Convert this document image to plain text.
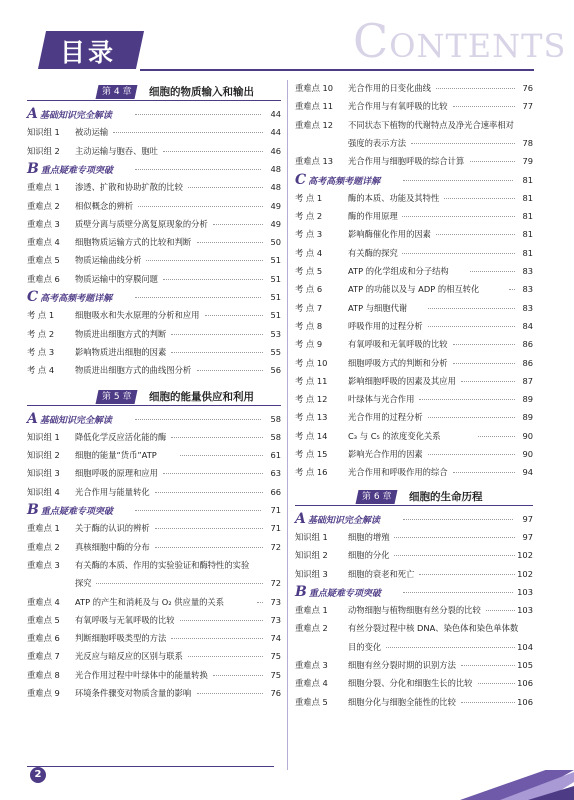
目录	CONTENTS
第 4 章	细胞的物质输入和输出
A基础知识完全解读	44
知识组 1 被动运输	44
知识组 2 主动运输与胞吞、胞吐	46
B重点疑难专项突破	48
重难点 1 渗透、扩散和协助扩散的比较	48
重难点 2 相似概念的辨析	49
重难点 3 质壁分离与质壁分离复原现象的分析	49
重难点 4 细胞物质运输方式的比较和判断	50
重难点 5 物质运输曲线分析	51
重难点 6 物质运输中的穿膜问题	51
C高考高频考题详解	51
考 点 1	细胞吸水和失水原理的分析和应用	51
考 点 2	物质进出细胞方式的判断	53
考 点 3	影响物质进出细胞的因素	55
考 点 4	物质进出细胞方式的曲线图分析	56
第 5 章	细胞的能量供应和利用
A基础知识完全解读	58
知识组 1 降低化学反应活化能的酶	58
知识组 2 细胞的能量“货币”ATP	61
知识组 3 细胞呼吸的原理和应用	63
知识组 4 光合作用与能量转化	66
B重点疑难专项突破	71
重难点 1 关于酶的认识的辨析	71
重难点 2 真核细胞中酶的分布	72
重难点 3 有关酶的本质、作用的实验验证和酶特性的实验
探究	72
重难点 4 ATP 的产生和消耗及与 O₂ 供应量的关系	73
重难点 5 有氧呼吸与无氧呼吸的比较	73
重难点 6 判断细胞呼吸类型的方法	74
重难点 7 光反应与暗反应的区别与联系	75
重难点 8 光合作用过程中叶绿体中的能量转换	75
重难点 9 环境条件骤变对物质含量的影响	76
重难点 10 光合作用的日变化曲线	76
重难点 11 光合作用与有氧呼吸的比较	77
重难点 12 不同状态下植物的代谢特点及净光合速率相对
强度的表示方法	78
重难点 13 光合作用与细胞呼吸的综合计算	79
C高考高频考题详解	81
考 点 1	酶的本质、功能及其特性	81
考 点 2	酶的作用原理	81
考 点 3	影响酶催化作用的因素	81
考 点 4	有关酶的探究	81
考 点 5	ATP 的化学组成和分子结构	83
考 点 6	ATP 的功能以及与 ADP 的相互转化	83
考 点 7	ATP 与细胞代谢	83
考 点 8	呼吸作用的过程分析	84
考 点 9	有氧呼吸和无氧呼吸的比较	86
考 点 10 细胞呼吸方式的判断和分析	86
考 点 11 影响细胞呼吸的因素及其应用	87
考 点 12 叶绿体与光合作用	89
考 点 13 光合作用的过程分析	89
考 点 14 C₃ 与 C₅ 的浓度变化关系	90
考 点 15 影响光合作用的因素	90
考 点 16 光合作用和呼吸作用的综合	94
第 6 章	细胞的生命历程
A基础知识完全解读	97
知识组 1 细胞的增殖	97
知识组 2 细胞的分化	102
知识组 3 细胞的衰老和死亡	102
B重点疑难专项突破	103
重难点 1 动物细胞与植物细胞有丝分裂的比较	103
重难点 2 有丝分裂过程中核 DNA、染色体和染色单体数
目的变化	104
重难点 3 细胞有丝分裂时期的识别方法	105
重难点 4 细胞分裂、分化和细胞生长的比较	106
重难点 5 细胞分化与细胞全能性的比较	106
2
